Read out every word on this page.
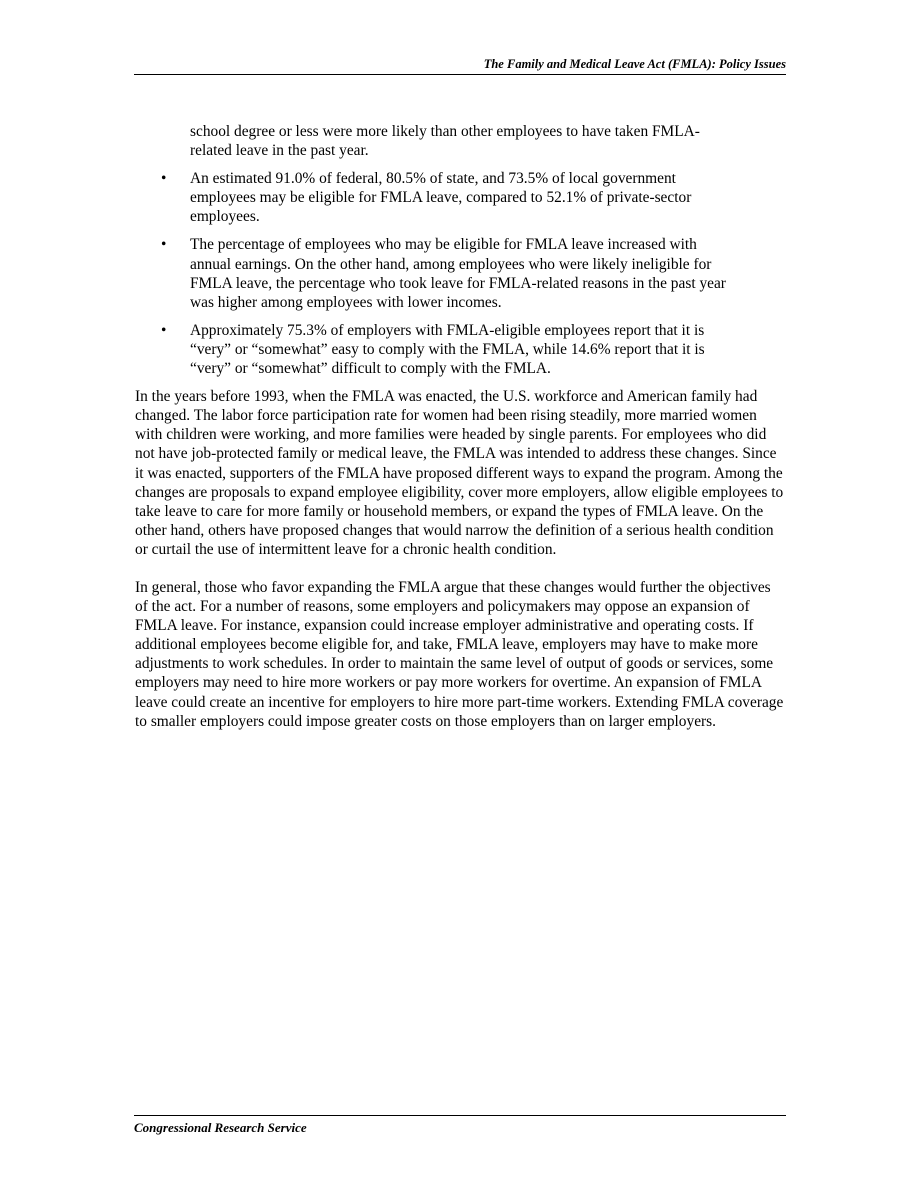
The Family and Medical Leave Act (FMLA): Policy Issues
school degree or less were more likely than other employees to have taken FMLA-related leave in the past year.
• An estimated 91.0% of federal, 80.5% of state, and 73.5% of local government employees may be eligible for FMLA leave, compared to 52.1% of private-sector employees.
• The percentage of employees who may be eligible for FMLA leave increased with annual earnings. On the other hand, among employees who were likely ineligible for FMLA leave, the percentage who took leave for FMLA-related reasons in the past year was higher among employees with lower incomes.
• Approximately 75.3% of employers with FMLA-eligible employees report that it is “very” or “somewhat” easy to comply with the FMLA, while 14.6% report that it is “very” or “somewhat” difficult to comply with the FMLA.

In the years before 1993, when the FMLA was enacted, the U.S. workforce and American family had changed. The labor force participation rate for women had been rising steadily, more married women with children were working, and more families were headed by single parents. For employees who did not have job-protected family or medical leave, the FMLA was intended to address these changes. Since it was enacted, supporters of the FMLA have proposed different ways to expand the program. Among the changes are proposals to expand employee eligibility, cover more employers, allow eligible employees to take leave to care for more family or household members, or expand the types of FMLA leave. On the other hand, others have proposed changes that would narrow the definition of a serious health condition or curtail the use of intermittent leave for a chronic health condition.

In general, those who favor expanding the FMLA argue that these changes would further the objectives of the act. For a number of reasons, some employers and policymakers may oppose an expansion of FMLA leave. For instance, expansion could increase employer administrative and operating costs. If additional employees become eligible for, and take, FMLA leave, employers may have to make more adjustments to work schedules. In order to maintain the same level of output of goods or services, some employers may need to hire more workers or pay more workers for overtime. An expansion of FMLA leave could create an incentive for employers to hire more part-time workers. Extending FMLA coverage to smaller employers could impose greater costs on those employers than on larger employers.

Congressional Research Service
